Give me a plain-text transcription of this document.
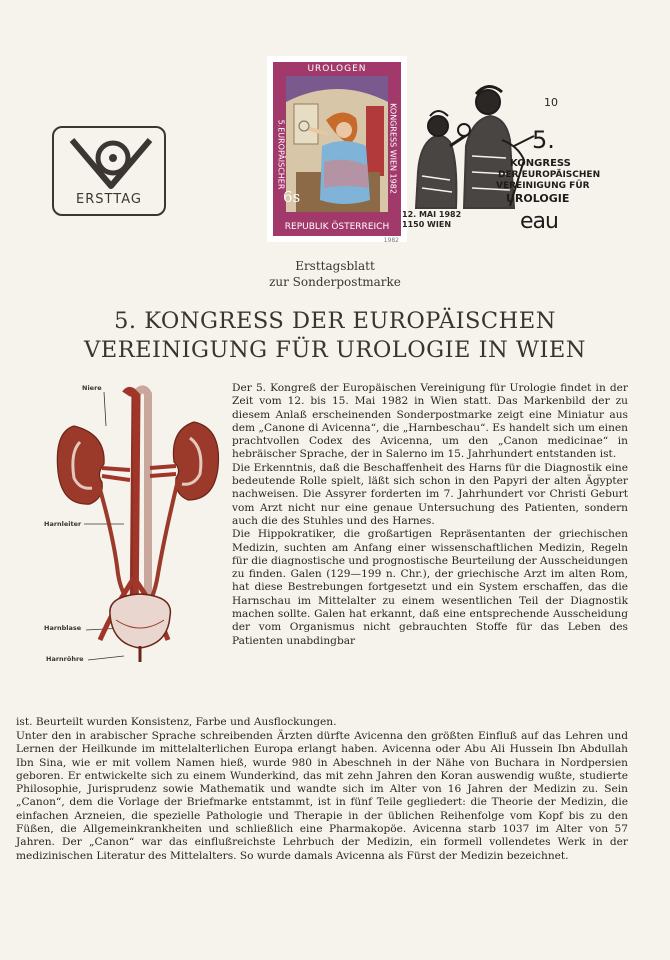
ERSTTAG
UROLOGEN
5.EUROPÄISCHER	KONGRESS WIEN 1982
6s
REPUBLIK ÖSTERREICH
1982
10
5.
KONGRESS
DER EUROPÄISCHEN
VEREINIGUNG FÜR
UROLOGIE
12. MAI 1982
1150 WIEN	eau
Ersttagsblatt
zur Sonderpostmarke
5. KONGRESS DER EUROPÄISCHEN
VEREINIGUNG FÜR UROLOGIE IN WIEN
Niere
Harnleiter
Harnblase
Harnröhre

Der 5. Kongreß der Europäischen Vereinigung für Urologie findet in der Zeit vom 12. bis 15. Mai 1982 in Wien statt. Das Markenbild der zu diesem Anlaß erscheinenden Sonderpostmarke zeigt eine Miniatur aus dem „Canone di Avicenna“, die „Harnbeschau“. Es handelt sich um einen prachtvollen Codex des Avicenna, um den „Canon medicinae“ in hebräischer Sprache, der in Salerno im 15. Jahrhundert entstanden ist.

Die Erkenntnis, daß die Beschaffenheit des Harns für die Diagnostik eine bedeutende Rolle spielt, läßt sich schon in den Papyri der alten Ägypter nachweisen. Die Assyrer forderten im 7. Jahrhundert vor Christi Geburt vom Arzt nicht nur eine genaue Untersuchung des Patienten, sondern auch die des Stuhles und des Harnes.

Die Hippokratiker, die großartigen Repräsentanten der griechischen Medizin, suchten am Anfang einer wissenschaftlichen Medizin, Regeln für die diagnostische und prognostische Beurteilung der Ausscheidungen zu finden. Galen (129—199 n. Chr.), der griechische Arzt im alten Rom, hat diese Bestrebungen fortgesetzt und ein System erschaffen, das die Harnschau im Mittelalter zu einem wesentlichen Teil der Diagnostik machen sollte. Galen hat erkannt, daß eine entsprechende Ausscheidung der vom Organismus nicht gebrauchten Stoffe für das Leben des Patienten unabdingbar

ist. Beurteilt wurden Konsistenz, Farbe und Ausflockungen.

Unter den in arabischer Sprache schreibenden Ärzten dürfte Avicenna den größten Einfluß auf das Lehren und Lernen der Heilkunde im mittelalterlichen Europa erlangt haben. Avicenna oder Abu Ali Hussein Ibn Abdullah Ibn Sina, wie er mit vollem Namen hieß, wurde 980 in Abeschneh in der Nähe von Buchara in Nordpersien geboren. Er entwickelte sich zu einem Wunderkind, das mit zehn Jahren den Koran auswendig wußte, studierte Philosophie, Jurisprudenz sowie Mathematik und wandte sich im Alter von 16 Jahren der Medizin zu. Sein „Canon“, dem die Vorlage der Briefmarke entstammt, ist in fünf Teile gegliedert: die Theorie der Medizin, die einfachen Arzneien, die spezielle Pathologie und Therapie in der üblichen Reihenfolge vom Kopf bis zu den Füßen, die Allgemeinkrankheiten und schließlich eine Pharmakopöe. Avicenna starb 1037 im Alter von 57 Jahren. Der „Canon“ war das einflußreichste Lehrbuch der Medizin, ein formell vollendetes Werk in der medizinischen Literatur des Mittelalters. So wurde damals Avicenna als Fürst der Medizin bezeichnet.
